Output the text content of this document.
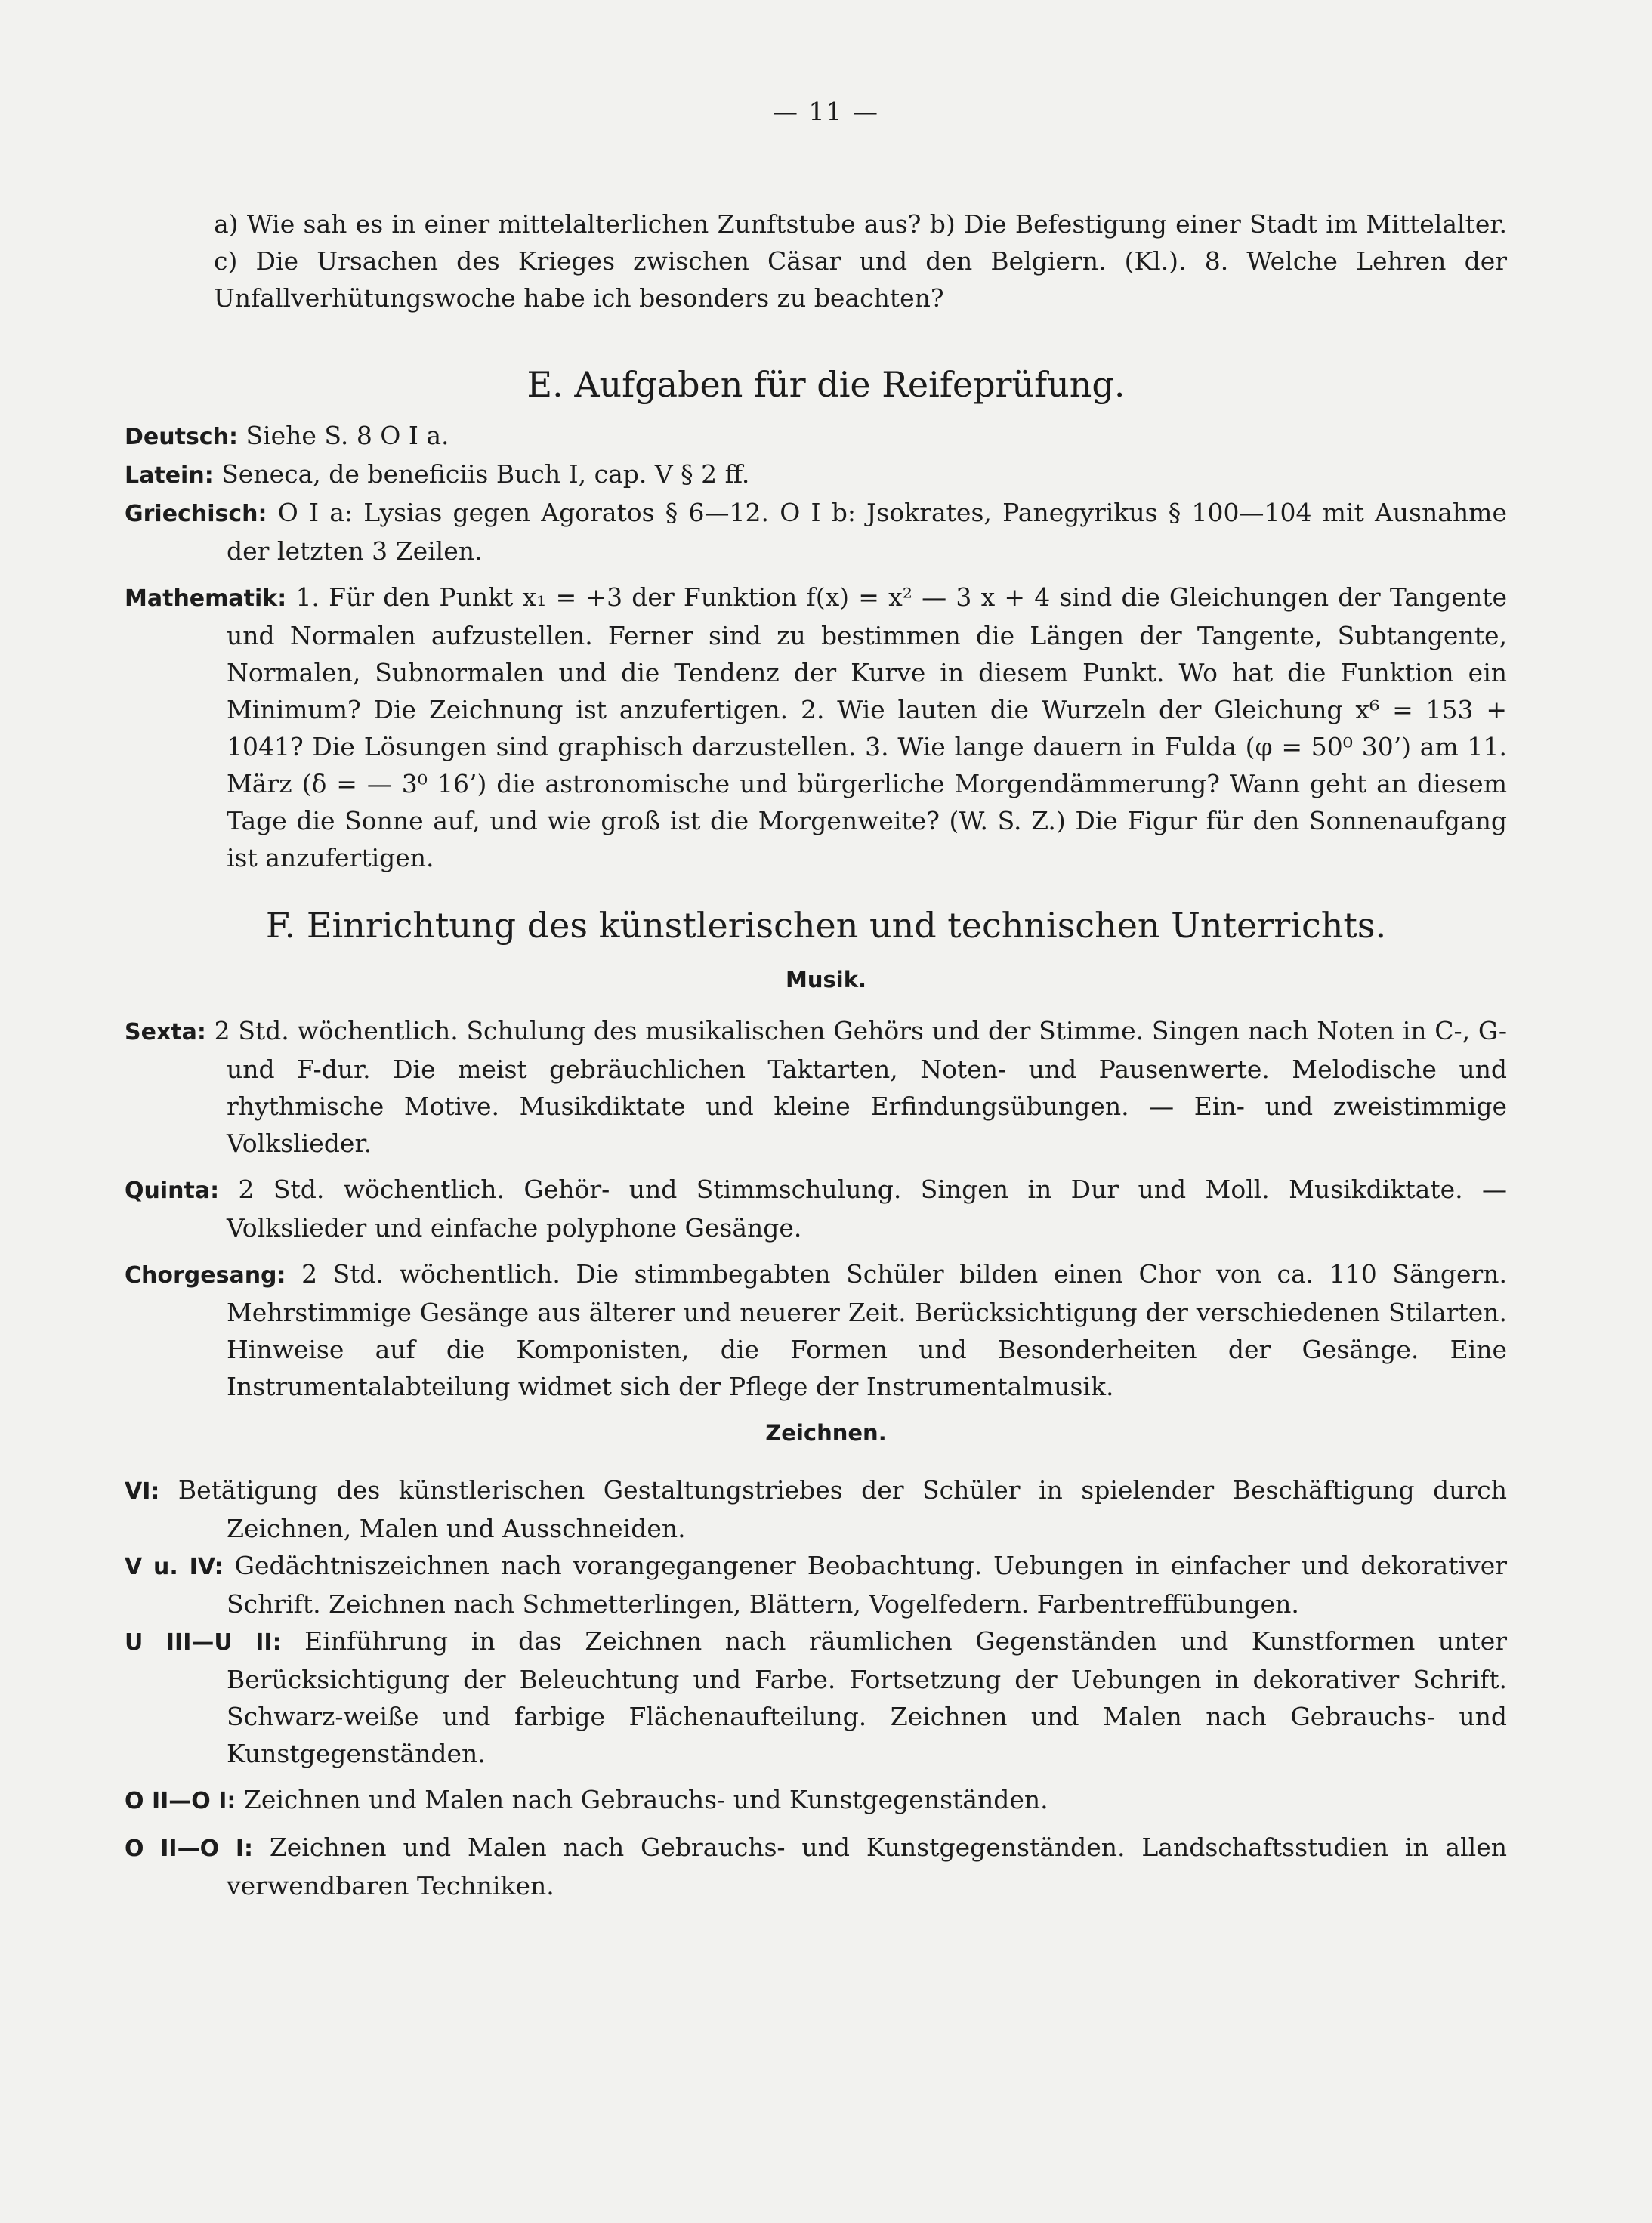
— 11 —
a) Wie sah es in einer mittelalterlichen Zunftstube aus? b) Die Befestigung einer Stadt im Mittelalter. c) Die Ursachen des Krieges zwischen Cäsar und den Belgiern. (Kl.). 8. Welche Lehren der Unfallverhütungswoche habe ich besonders zu beachten?
E. Aufgaben für die Reifeprüfung.
Deutsch: Siehe S. 8 O I a.
Latein: Seneca, de beneficiis Buch I, cap. V § 2 ff.
Griechisch: O I a: Lysias gegen Agoratos § 6—12. O I b: Jsokrates, Panegyrikus § 100—104 mit Ausnahme der letzten 3 Zeilen.
Mathematik: 1. Für den Punkt x₁ = +3 der Funktion f(x) = x² — 3 x + 4 sind die Gleichungen der Tangente und Normalen aufzustellen. Ferner sind zu bestimmen die Längen der Tangente, Subtangente, Normalen, Subnormalen und die Tendenz der Kurve in diesem Punkt. Wo hat die Funktion ein Minimum? Die Zeichnung ist anzufertigen. 2. Wie lauten die Wurzeln der Gleichung x⁶ = 153 + 1041? Die Lösungen sind graphisch darzustellen. 3. Wie lange dauern in Fulda (φ = 50⁰ 30’) am 11. März (δ = — 3⁰ 16’) die astronomische und bürgerliche Morgendämmerung? Wann geht an diesem Tage die Sonne auf, und wie groß ist die Morgenweite? (W. S. Z.) Die Figur für den Sonnenaufgang ist anzufertigen.
F. Einrichtung des künstlerischen und technischen Unterrichts.
Musik.
Sexta: 2 Std. wöchentlich. Schulung des musikalischen Gehörs und der Stimme. Singen nach Noten in C-, G- und F-dur. Die meist gebräuchlichen Taktarten, Noten- und Pausenwerte. Melodische und rhythmische Motive. Musikdiktate und kleine Erfindungsübungen. — Ein- und zweistimmige Volkslieder.
Quinta: 2 Std. wöchentlich. Gehör- und Stimmschulung. Singen in Dur und Moll. Musikdiktate. — Volkslieder und einfache polyphone Gesänge.
Chorgesang: 2 Std. wöchentlich. Die stimmbegabten Schüler bilden einen Chor von ca. 110 Sängern. Mehrstimmige Gesänge aus älterer und neuerer Zeit. Berücksichtigung der verschiedenen Stilarten. Hinweise auf die Komponisten, die Formen und Besonderheiten der Gesänge. Eine Instrumentalabteilung widmet sich der Pflege der Instrumentalmusik.
Zeichnen.
VI: Betätigung des künstlerischen Gestaltungstriebes der Schüler in spielender Beschäftigung durch Zeichnen, Malen und Ausschneiden.
V u. IV: Gedächtniszeichnen nach vorangegangener Beobachtung. Uebungen in einfacher und dekorativer Schrift. Zeichnen nach Schmetterlingen, Blättern, Vogelfedern. Farbentreffübungen.
U III—U II: Einführung in das Zeichnen nach räumlichen Gegenständen und Kunstformen unter Berücksichtigung der Beleuchtung und Farbe. Fortsetzung der Uebungen in dekorativer Schrift. Schwarz-weiße und farbige Flächenaufteilung. Zeichnen und Malen nach Gebrauchs- und Kunstgegenständen.
O II—O I: Zeichnen und Malen nach Gebrauchs- und Kunstgegenständen.
O II—O I: Zeichnen und Malen nach Gebrauchs- und Kunstgegenständen. Landschaftsstudien in allen verwendbaren Techniken.
